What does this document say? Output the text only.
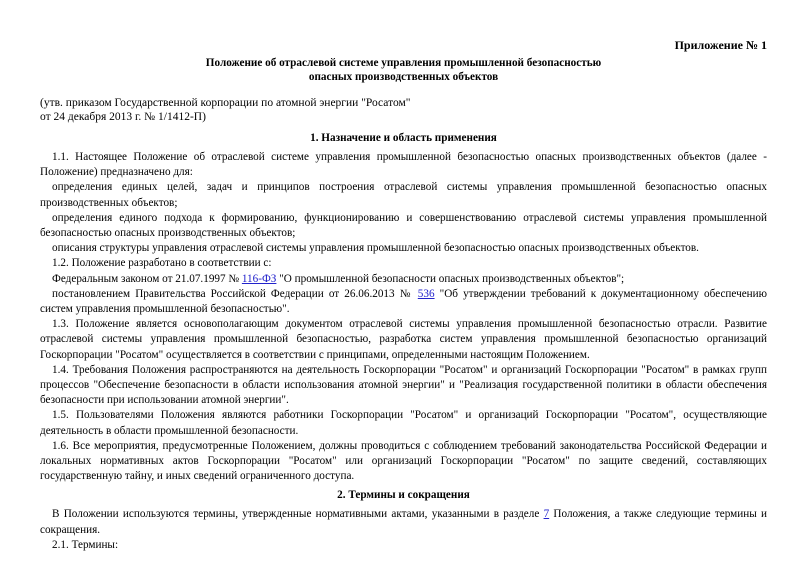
Приложение № 1
Положение об отраслевой системе управления промышленной безопасностью
опасных производственных объектов
(утв. приказом Государственной корпорации по атомной энергии "Росатом"
от 24 декабря 2013 г. № 1/1412-П)
1. Назначение и область применения

1.1. Настоящее Положение об отраслевой системе управления промышленной безопасностью опасных производственных объектов (далее - Положение) предназначено для:

определения единых целей, задач и принципов построения отраслевой системы управления промышленной безопасностью опасных производственных объектов;

определения единого подхода к формированию, функционированию и совершенствованию отраслевой системы управления промышленной безопасностью опасных производственных объектов;

описания структуры управления отраслевой системы управления промышленной безопасностью опасных производственных объектов.

1.2. Положение разработано в соответствии с:

Федеральным законом от 21.07.1997 № 116-ФЗ "О промышленной безопасности опасных производственных объектов";

постановлением Правительства Российской Федерации от 26.06.2013 № 536 "Об утверждении требований к документационному обеспечению систем управления промышленной безопасностью".

1.3. Положение является основополагающим документом отраслевой системы управления промышленной безопасностью отрасли. Развитие отраслевой системы управления промышленной безопасностью, разработка систем управления промышленной безопасностью организаций Госкорпорации "Росатом" осуществляется в соответствии с принципами, определенными настоящим Положением.

1.4. Требования Положения распространяются на деятельность Госкорпорации "Росатом" и организаций Госкорпорации "Росатом" в рамках групп процессов "Обеспечение безопасности в области использования атомной энергии" и "Реализация государственной политики в области обеспечения безопасности при использовании атомной энергии".

1.5. Пользователями Положения являются работники Госкорпорации "Росатом" и организаций Госкорпорации "Росатом", осуществляющие деятельность в области промышленной безопасности.

1.6. Все мероприятия, предусмотренные Положением, должны проводиться с соблюдением требований законодательства Российской Федерации и локальных нормативных актов Госкорпорации "Росатом" или организаций Госкорпорации "Росатом" по защите сведений, составляющих государственную тайну, и иных сведений ограниченного доступа.

2. Термины и сокращения

В Положении используются термины, утвержденные нормативными актами, указанными в разделе 7 Положения, а также следующие термины и сокращения.

2.1. Термины:
